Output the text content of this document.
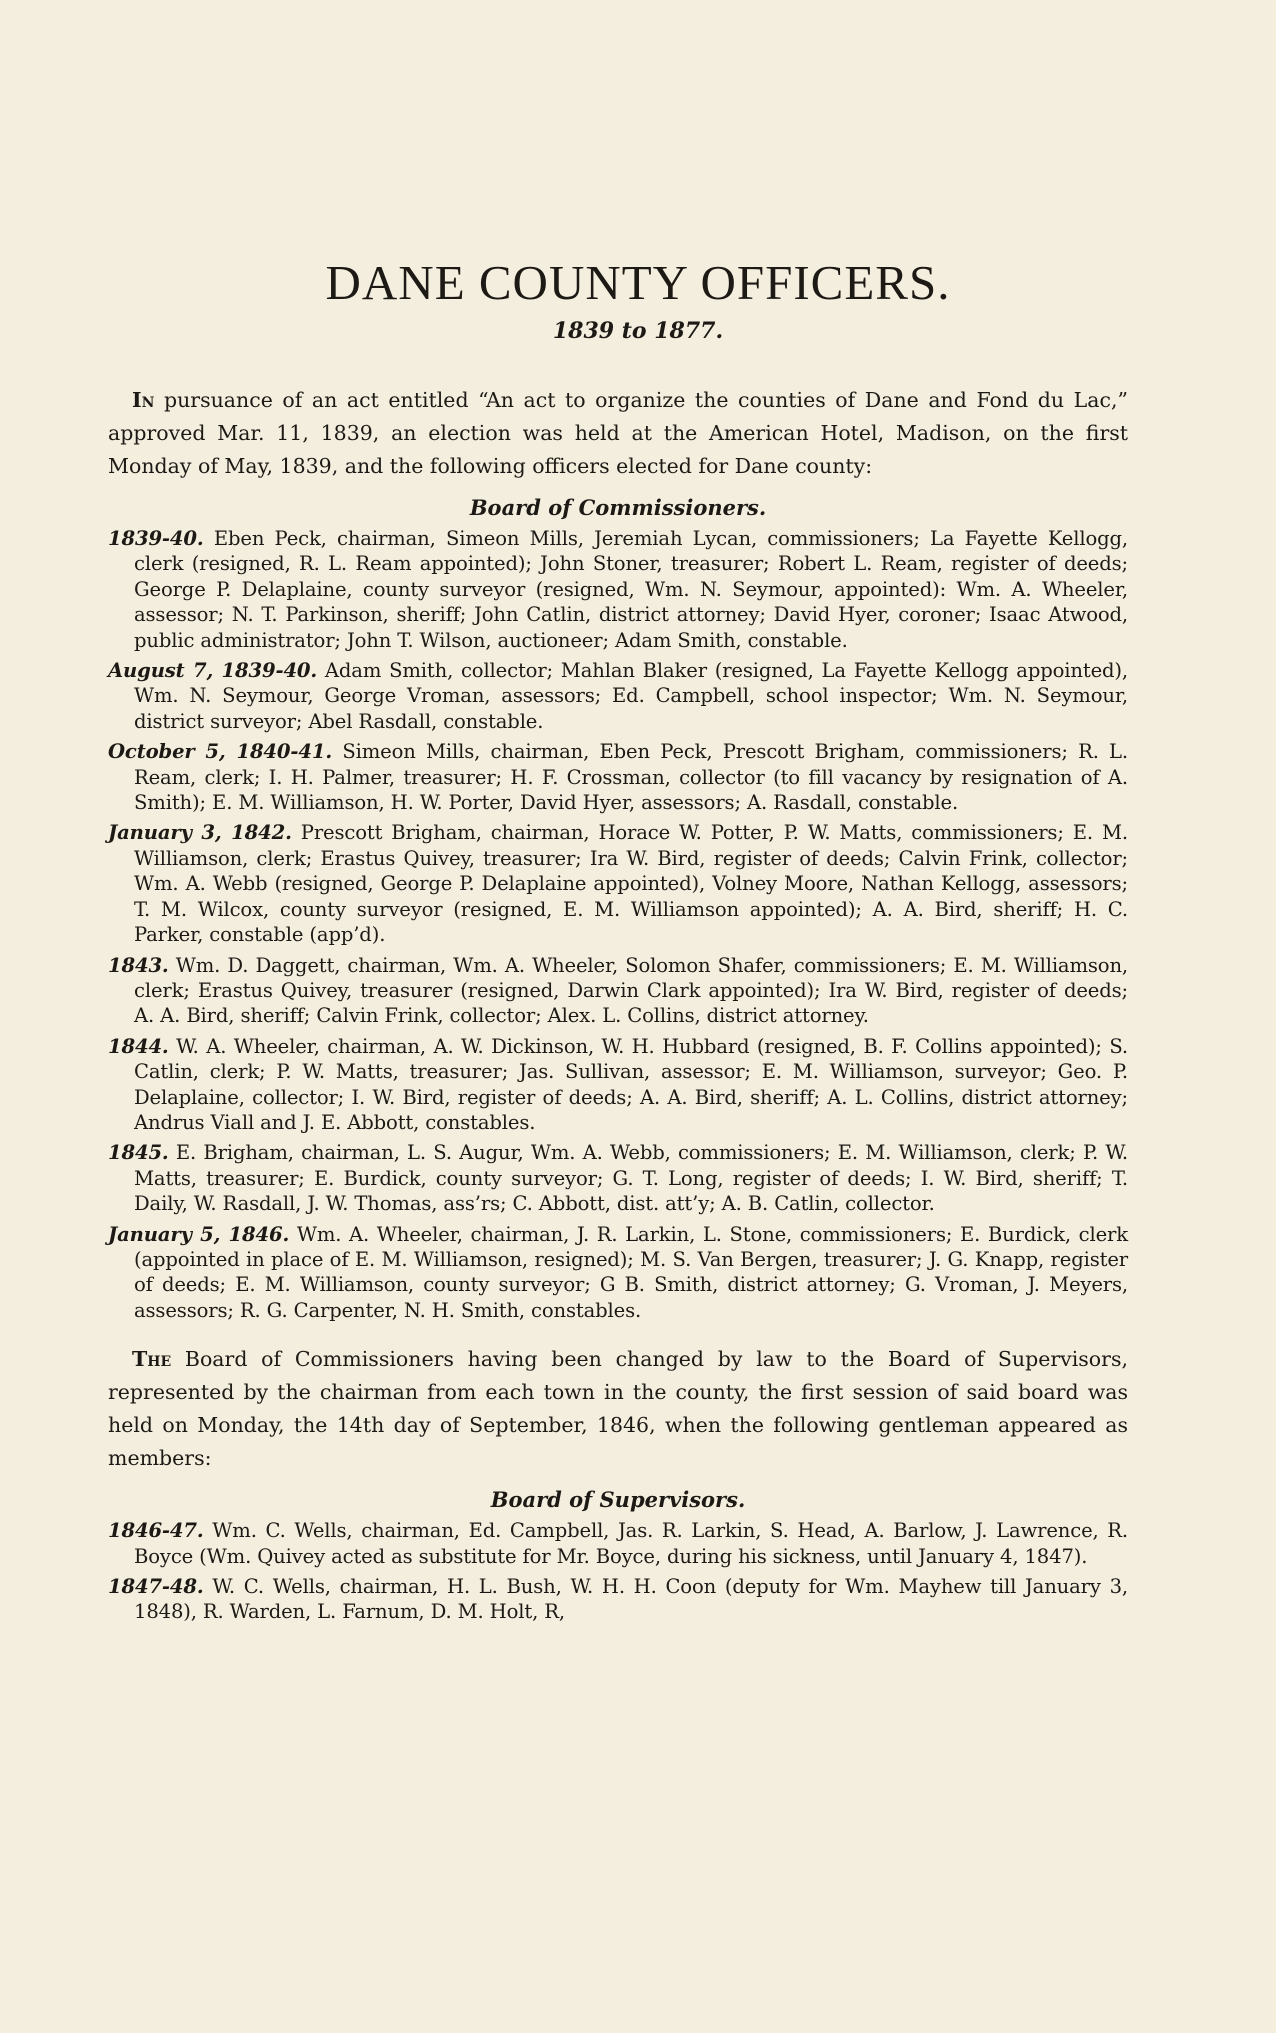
DANE COUNTY OFFICERS.
1839 to 1877.

In pursuance of an act entitled “An act to organize the counties of Dane and Fond du Lac,” approved Mar. 11, 1839, an election was held at the American Hotel, Madison, on the first Monday of May, 1839, and the following officers elected for Dane county:

Board of Commissioners.

1839-40. Eben Peck, chairman, Simeon Mills, Jeremiah Lycan, commissioners; La Fayette Kellogg, clerk (resigned, R. L. Ream appointed); John Stoner, treasurer; Robert L. Ream, register of deeds; George P. Delaplaine, county surveyor (resigned, Wm. N. Seymour, appointed): Wm. A. Wheeler, assessor; N. T. Parkinson, sheriff; John Catlin, district attorney; David Hyer, coroner; Isaac Atwood, public administrator; John T. Wilson, auctioneer; Adam Smith, constable.

August 7, 1839-40. Adam Smith, collector; Mahlan Blaker (resigned, La Fayette Kellogg appointed), Wm. N. Seymour, George Vroman, assessors; Ed. Campbell, school inspector; Wm. N. Seymour, district surveyor; Abel Rasdall, constable.

October 5, 1840-41. Simeon Mills, chairman, Eben Peck, Prescott Brigham, commissioners; R. L. Ream, clerk; I. H. Palmer, treasurer; H. F. Crossman, collector (to fill vacancy by resignation of A. Smith); E. M. Williamson, H. W. Porter, David Hyer, assessors; A. Rasdall, constable.

January 3, 1842. Prescott Brigham, chairman, Horace W. Potter, P. W. Matts, commissioners; E. M. Williamson, clerk; Erastus Quivey, treasurer; Ira W. Bird, register of deeds; Calvin Frink, collector; Wm. A. Webb (resigned, George P. Delaplaine appointed), Volney Moore, Nathan Kellogg, assessors; T. M. Wilcox, county surveyor (resigned, E. M. Williamson appointed); A. A. Bird, sheriff; H. C. Parker, constable (app’d).

1843. Wm. D. Daggett, chairman, Wm. A. Wheeler, Solomon Shafer, commissioners; E. M. Williamson, clerk; Erastus Quivey, treasurer (resigned, Darwin Clark appointed); Ira W. Bird, register of deeds; A. A. Bird, sheriff; Calvin Frink, collector; Alex. L. Collins, district attorney.

1844. W. A. Wheeler, chairman, A. W. Dickinson, W. H. Hubbard (resigned, B. F. Collins appointed); S. Catlin, clerk; P. W. Matts, treasurer; Jas. Sullivan, assessor; E. M. Williamson, surveyor; Geo. P. Delaplaine, collector; I. W. Bird, register of deeds; A. A. Bird, sheriff; A. L. Collins, district attorney; Andrus Viall and J. E. Abbott, constables.

1845. E. Brigham, chairman, L. S. Augur, Wm. A. Webb, commissioners; E. M. Williamson, clerk; P. W. Matts, treasurer; E. Burdick, county surveyor; G. T. Long, register of deeds; I. W. Bird, sheriff; T. Daily, W. Rasdall, J. W. Thomas, ass’rs; C. Abbott, dist. att’y; A. B. Catlin, collector.

January 5, 1846. Wm. A. Wheeler, chairman, J. R. Larkin, L. Stone, commissioners; E. Burdick, clerk (appointed in place of E. M. Williamson, resigned); M. S. Van Bergen, treasurer; J. G. Knapp, register of deeds; E. M. Williamson, county surveyor; G B. Smith, district attorney; G. Vroman, J. Meyers, assessors; R. G. Carpenter, N. H. Smith, constables.

The Board of Commissioners having been changed by law to the Board of Supervisors, represented by the chairman from each town in the county, the first session of said board was held on Monday, the 14th day of September, 1846, when the following gentleman appeared as members:

Board of Supervisors.

1846-47. Wm. C. Wells, chairman, Ed. Campbell, Jas. R. Larkin, S. Head, A. Barlow, J. Lawrence, R. Boyce (Wm. Quivey acted as substitute for Mr. Boyce, during his sickness, until January 4, 1847).

1847-48. W. C. Wells, chairman, H. L. Bush, W. H. H. Coon (deputy for Wm. Mayhew till January 3, 1848), R. Warden, L. Farnum, D. M. Holt, R,
